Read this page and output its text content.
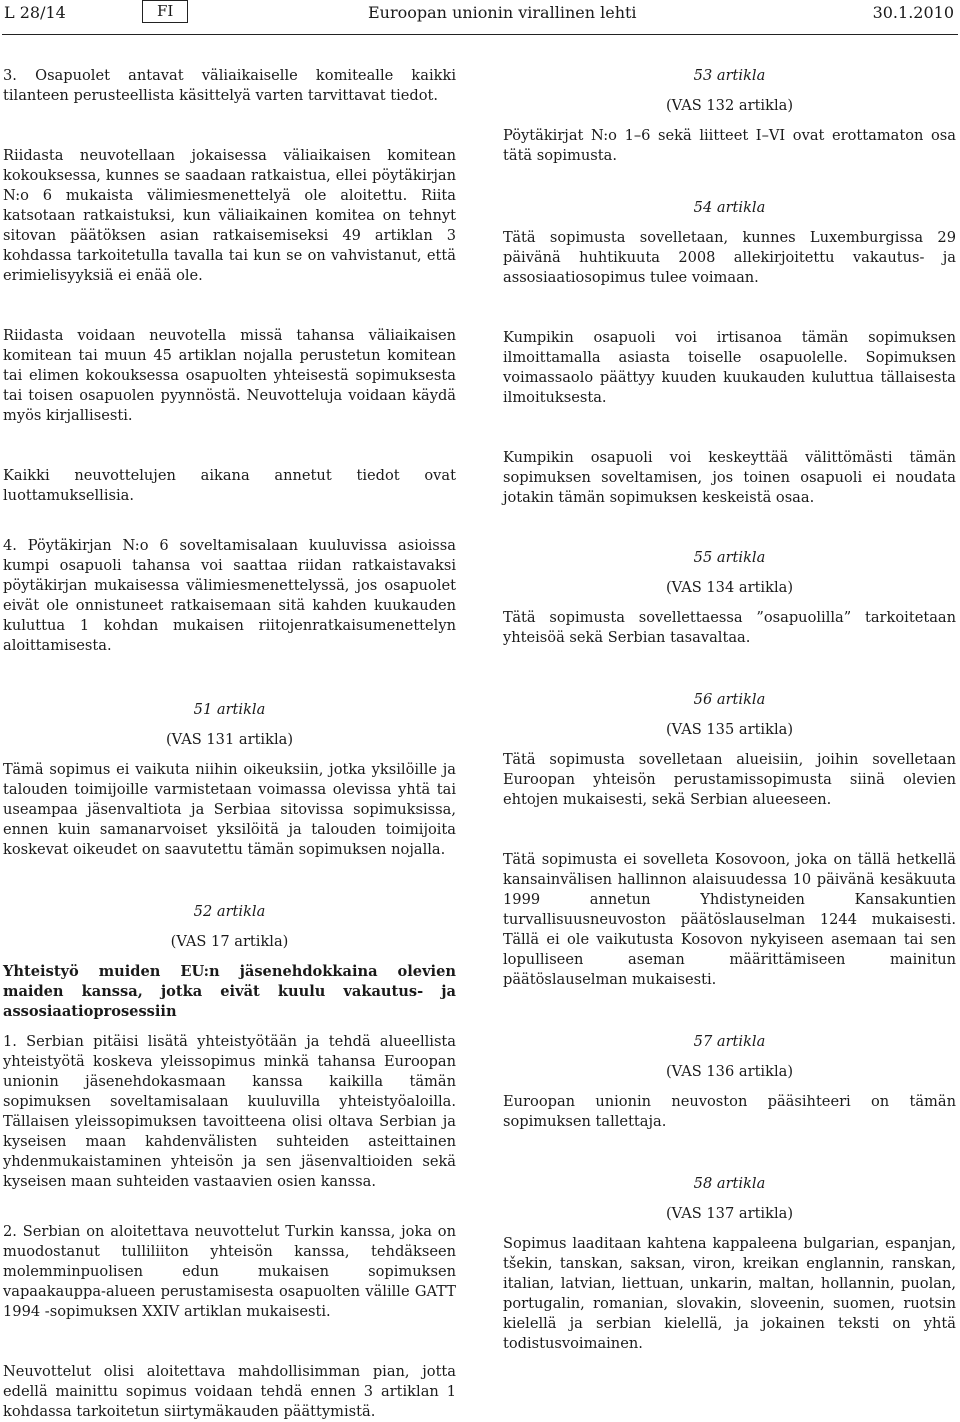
L 28/14	FI	Euroopan unionin virallinen lehti	30.1.2010

3. Osapuolet antavat väliaikaiselle komitealle kaikki tilanteen perusteellista käsittelyä varten tarvittavat tiedot.

Riidasta neuvotellaan jokaisessa väliaikaisen komitean kokouksessa, kunnes se saadaan ratkaistua, ellei pöytäkirjan N:o 6 mukaista välimiesmenettelyä ole aloitettu. Riita katsotaan ratkaistuksi, kun väliaikainen komitea on tehnyt sitovan päätöksen asian ratkaisemiseksi 49 artiklan 3 kohdassa tarkoitetulla tavalla tai kun se on vahvistanut, että erimielisyyksiä ei enää ole.

Riidasta voidaan neuvotella missä tahansa väliaikaisen komitean tai muun 45 artiklan nojalla perustetun komitean tai elimen kokouksessa osapuolten yhteisestä sopimuksesta tai toisen osapuolen pyynnöstä. Neuvotteluja voidaan käydä myös kirjallisesti.

Kaikki neuvottelujen aikana annetut tiedot ovat luottamuksellisia.

4. Pöytäkirjan N:o 6 soveltamisalaan kuuluvissa asioissa kumpi osapuoli tahansa voi saattaa riidan ratkaistavaksi pöytäkirjan mukaisessa välimiesmenettelyssä, jos osapuolet eivät ole onnistuneet ratkaisemaan sitä kahden kuukauden kuluttua 1 kohdan mukaisen riitojenratkaisumenettelyn aloittamisesta.

51 artikla

(VAS 131 artikla)

Tämä sopimus ei vaikuta niihin oikeuksiin, jotka yksilöille ja talouden toimijoille varmistetaan voimassa olevissa yhtä tai useampaa jäsenvaltiota ja Serbiaa sitovissa sopimuksissa, ennen kuin samanarvoiset yksilöitä ja talouden toimijoita koskevat oikeudet on saavutettu tämän sopimuksen nojalla.

52 artikla

(VAS 17 artikla)

Yhteistyö muiden EU:n jäsenehdokkaina olevien maiden kanssa, jotka eivät kuulu vakautus- ja assosiaatioprosessiin

1. Serbian pitäisi lisätä yhteistyötään ja tehdä alueellista yhteistyötä koskeva yleissopimus minkä tahansa Euroopan unionin jäsenehdokasmaan kanssa kaikilla tämän sopimuksen soveltamisalaan kuuluvilla yhteistyöaloilla. Tällaisen yleissopimuksen tavoitteena olisi oltava Serbian ja kyseisen maan kahdenvälisten suhteiden asteittainen yhdenmukaistaminen yhteisön ja sen jäsenvaltioiden sekä kyseisen maan suhteiden vastaavien osien kanssa.

2. Serbian on aloitettava neuvottelut Turkin kanssa, joka on muodostanut tulliliiton yhteisön kanssa, tehdäkseen molemminpuolisen edun mukaisen sopimuksen vapaakauppa-alueen perustamisesta osapuolten välille GATT 1994 -sopimuksen XXIV artiklan mukaisesti.

Neuvottelut olisi aloitettava mahdollisimman pian, jotta edellä mainittu sopimus voidaan tehdä ennen 3 artiklan 1 kohdassa tarkoitetun siirtymäkauden päättymistä.

53 artikla

(VAS 132 artikla)

Pöytäkirjat N:o 1–6 sekä liitteet I–VI ovat erottamaton osa tätä sopimusta.

54 artikla

Tätä sopimusta sovelletaan, kunnes Luxemburgissa 29 päivänä huhtikuuta 2008 allekirjoitettu vakautus- ja assosiaatiosopimus tulee voimaan.

Kumpikin osapuoli voi irtisanoa tämän sopimuksen ilmoittamalla asiasta toiselle osapuolelle. Sopimuksen voimassaolo päättyy kuuden kuukauden kuluttua tällaisesta ilmoituksesta.

Kumpikin osapuoli voi keskeyttää välittömästi tämän sopimuksen soveltamisen, jos toinen osapuoli ei noudata jotakin tämän sopimuksen keskeistä osaa.

55 artikla

(VAS 134 artikla)

Tätä sopimusta sovellettaessa ”osapuolilla” tarkoitetaan yhteisöä sekä Serbian tasavaltaa.

56 artikla

(VAS 135 artikla)

Tätä sopimusta sovelletaan alueisiin, joihin sovelletaan Euroopan yhteisön perustamissopimusta siinä olevien ehtojen mukaisesti, sekä Serbian alueeseen.

Tätä sopimusta ei sovelleta Kosovoon, joka on tällä hetkellä kansainvälisen hallinnon alaisuudessa 10 päivänä kesäkuuta 1999 annetun Yhdistyneiden Kansakuntien turvallisuusneuvoston päätöslauselman 1244 mukaisesti. Tällä ei ole vaikutusta Kosovon nykyiseen asemaan tai sen lopulliseen aseman määrittämiseen mainitun päätöslauselman mukaisesti.

57 artikla

(VAS 136 artikla)

Euroopan unionin neuvoston pääsihteeri on tämän sopimuksen tallettaja.

58 artikla

(VAS 137 artikla)

Sopimus laaditaan kahtena kappaleena bulgarian, espanjan, tšekin, tanskan, saksan, viron, kreikan englannin, ranskan, italian, latvian, liettuan, unkarin, maltan, hollannin, puolan, portugalin, romanian, slovakin, sloveenin, suomen, ruotsin kielellä ja serbian kielellä, ja jokainen teksti on yhtä todistusvoimainen.
